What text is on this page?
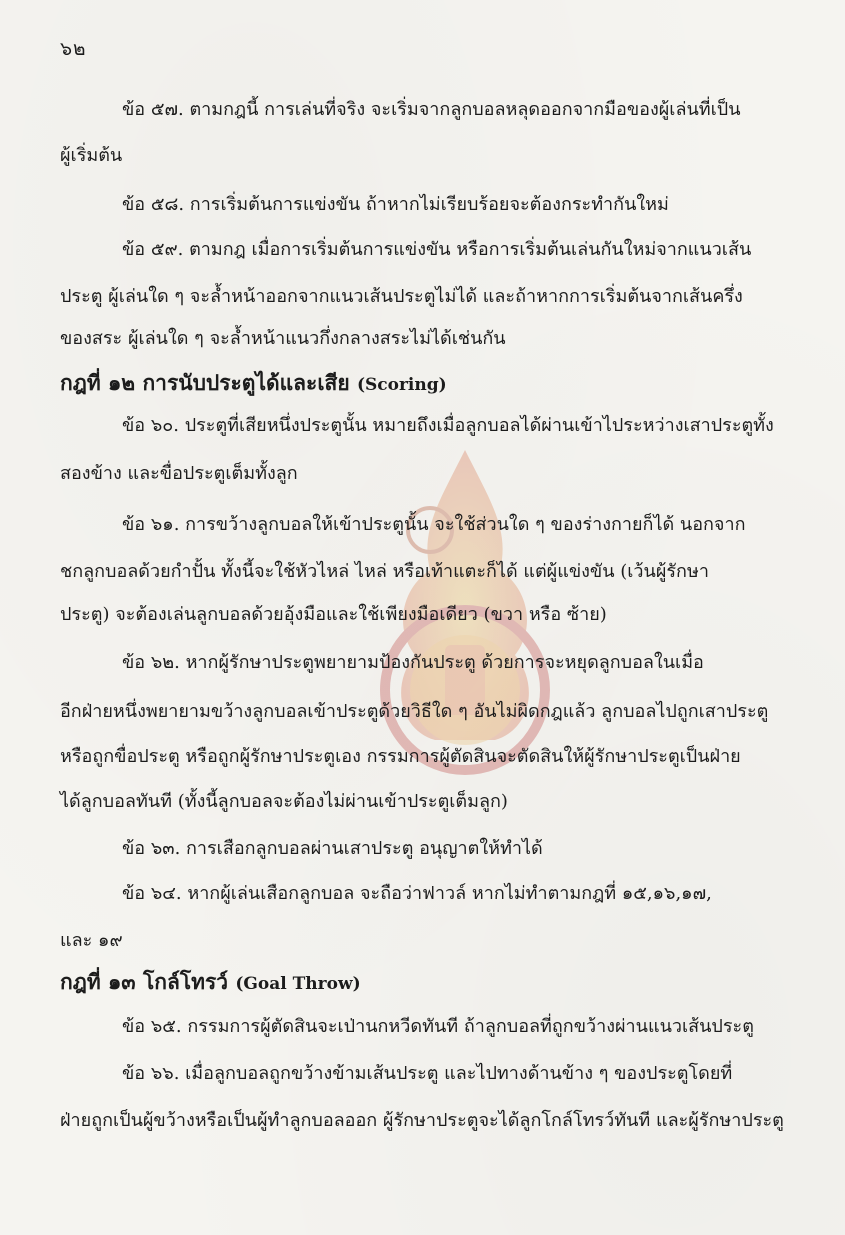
๖๒
ข้อ ๕๗. ตามกฎนี้ การเล่นที่จริง จะเริ่มจากลูกบอลหลุดออกจากมือของผู้เล่นที่เป็น
ผู้เริ่มต้น
ข้อ ๕๘. การเริ่มต้นการแข่งขัน ถ้าหากไม่เรียบร้อยจะต้องกระทำกันใหม่
ข้อ ๕๙. ตามกฎ เมื่อการเริ่มต้นการแข่งขัน หรือการเริ่มต้นเล่นกันใหม่จากแนวเส้น
ประตู ผู้เล่นใด ๆ จะล้ำหน้าออกจากแนวเส้นประตูไม่ได้ และถ้าหากการเริ่มต้นจากเส้นครึ่ง
ของสระ ผู้เล่นใด ๆ จะล้ำหน้าแนวกึ่งกลางสระไม่ได้เช่นกัน
กฎที่ ๑๒ การนับประตูได้และเสีย (Scoring)
ข้อ ๖๐. ประตูที่เสียหนึ่งประตูนั้น หมายถึงเมื่อลูกบอลได้ผ่านเข้าไประหว่างเสาประตูทั้ง
สองข้าง และขื่อประตูเต็มทั้งลูก
ข้อ ๖๑. การขว้างลูกบอลให้เข้าประตูนั้น จะใช้ส่วนใด ๆ ของร่างกายก็ได้ นอกจาก
ชกลูกบอลด้วยกำปั้น ทั้งนี้จะใช้หัวไหล่ ไหล่ หรือเท้าแตะก็ได้ แต่ผู้แข่งขัน (เว้นผู้รักษา
ประตู) จะต้องเล่นลูกบอลด้วยอุ้งมือและใช้เพียงมือเดียว (ขวา หรือ ซ้าย)
ข้อ ๖๒. หากผู้รักษาประตูพยายามป้องกันประตู ด้วยการจะหยุดลูกบอลในเมื่อ
อีกฝ่ายหนึ่งพยายามขว้างลูกบอลเข้าประตูด้วยวิธีใด ๆ อันไม่ผิดกฎแล้ว ลูกบอลไปถูกเสาประตู
หรือถูกขื่อประตู หรือถูกผู้รักษาประตูเอง กรรมการผู้ตัดสินจะตัดสินให้ผู้รักษาประตูเป็นฝ่าย
ได้ลูกบอลทันที (ทั้งนี้ลูกบอลจะต้องไม่ผ่านเข้าประตูเต็มลูก)
ข้อ ๖๓. การเสือกลูกบอลผ่านเสาประตู อนุญาตให้ทำได้
ข้อ ๖๔. หากผู้เล่นเสือกลูกบอล จะถือว่าฟาวล์ หากไม่ทำตามกฎที่ ๑๕,๑๖,๑๗,
และ ๑๙
กฎที่ ๑๓ โกล์โทรว์ (Goal Throw)
ข้อ ๖๕. กรรมการผู้ตัดสินจะเป่านกหวีดทันที ถ้าลูกบอลที่ถูกขว้างผ่านแนวเส้นประตู
ข้อ ๖๖. เมื่อลูกบอลถูกขว้างข้ามเส้นประตู และไปทางด้านข้าง ๆ ของประตูโดยที่
ฝ่ายถูกเป็นผู้ขว้างหรือเป็นผู้ทำลูกบอลออก ผู้รักษาประตูจะได้ลูกโกล์โทรว์ทันที และผู้รักษาประตู
